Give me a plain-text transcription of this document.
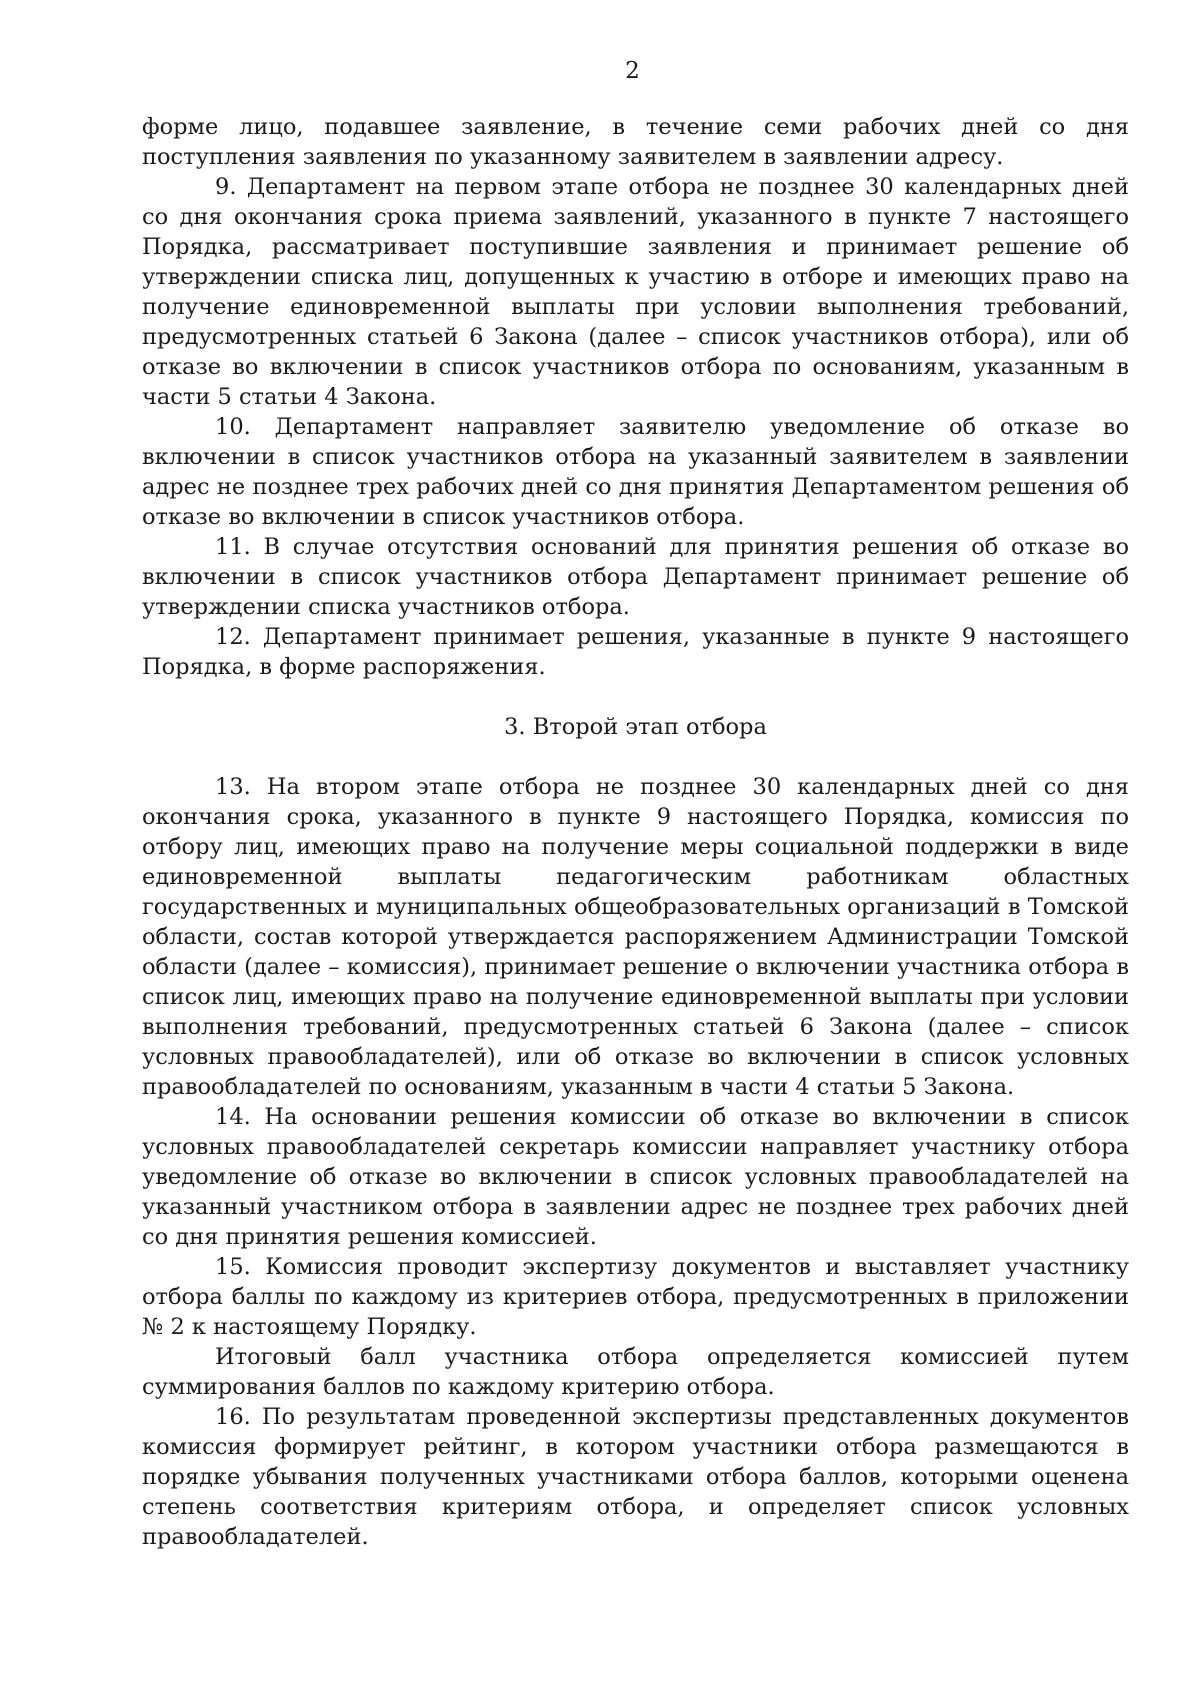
2

форме лицо, подавшее заявление, в течение семи рабочих дней со дня поступления заявления по указанному заявителем в заявлении адресу.

9. Департамент на первом этапе отбора не позднее 30 календарных дней со дня окончания срока приема заявлений, указанного в пункте 7 настоящего Порядка, рассматривает поступившие заявления и принимает решение об утверждении списка лиц, допущенных к участию в отборе и имеющих право на получение единовременной выплаты при условии выполнения требований, предусмотренных статьей 6 Закона (далее – список участников отбора), или об отказе во включении в список участников отбора по основаниям, указанным в части 5 статьи 4 Закона.

10. Департамент направляет заявителю уведомление об отказе во включении в список участников отбора на указанный заявителем в заявлении адрес не позднее трех рабочих дней со дня принятия Департаментом решения об отказе во включении в список участников отбора.

11. В случае отсутствия оснований для принятия решения об отказе во включении в список участников отбора Департамент принимает решение об утверждении списка участников отбора.

12. Департамент принимает решения, указанные в пункте 9 настоящего Порядка, в форме распоряжения.

3. Второй этап отбора

13. На втором этапе отбора не позднее 30 календарных дней со дня окончания срока, указанного в пункте 9 настоящего Порядка, комиссия по отбору лиц, имеющих право на получение меры социальной поддержки в виде единовременной выплаты педагогическим работникам областных государственных и муниципальных общеобразовательных организаций в Томской области, состав которой утверждается распоряжением Администрации Томской области (далее – комиссия), принимает решение о включении участника отбора в список лиц, имеющих право на получение единовременной выплаты при условии выполнения требований, предусмотренных статьей 6 Закона (далее – список условных правообладателей), или об отказе во включении в список условных правообладателей по основаниям, указанным в части 4 статьи 5 Закона.

14. На основании решения комиссии об отказе во включении в список условных правообладателей секретарь комиссии направляет участнику отбора уведомление об отказе во включении в список условных правообладателей на указанный участником отбора в заявлении адрес не позднее трех рабочих дней со дня принятия решения комиссией.

15. Комиссия проводит экспертизу документов и выставляет участнику отбора баллы по каждому из критериев отбора, предусмотренных в приложении № 2 к настоящему Порядку.

Итоговый балл участника отбора определяется комиссией путем суммирования баллов по каждому критерию отбора.

16. По результатам проведенной экспертизы представленных документов комиссия формирует рейтинг, в котором участники отбора размещаются в порядке убывания полученных участниками отбора баллов, которыми оценена степень соответствия критериям отбора, и определяет список условных правообладателей.
